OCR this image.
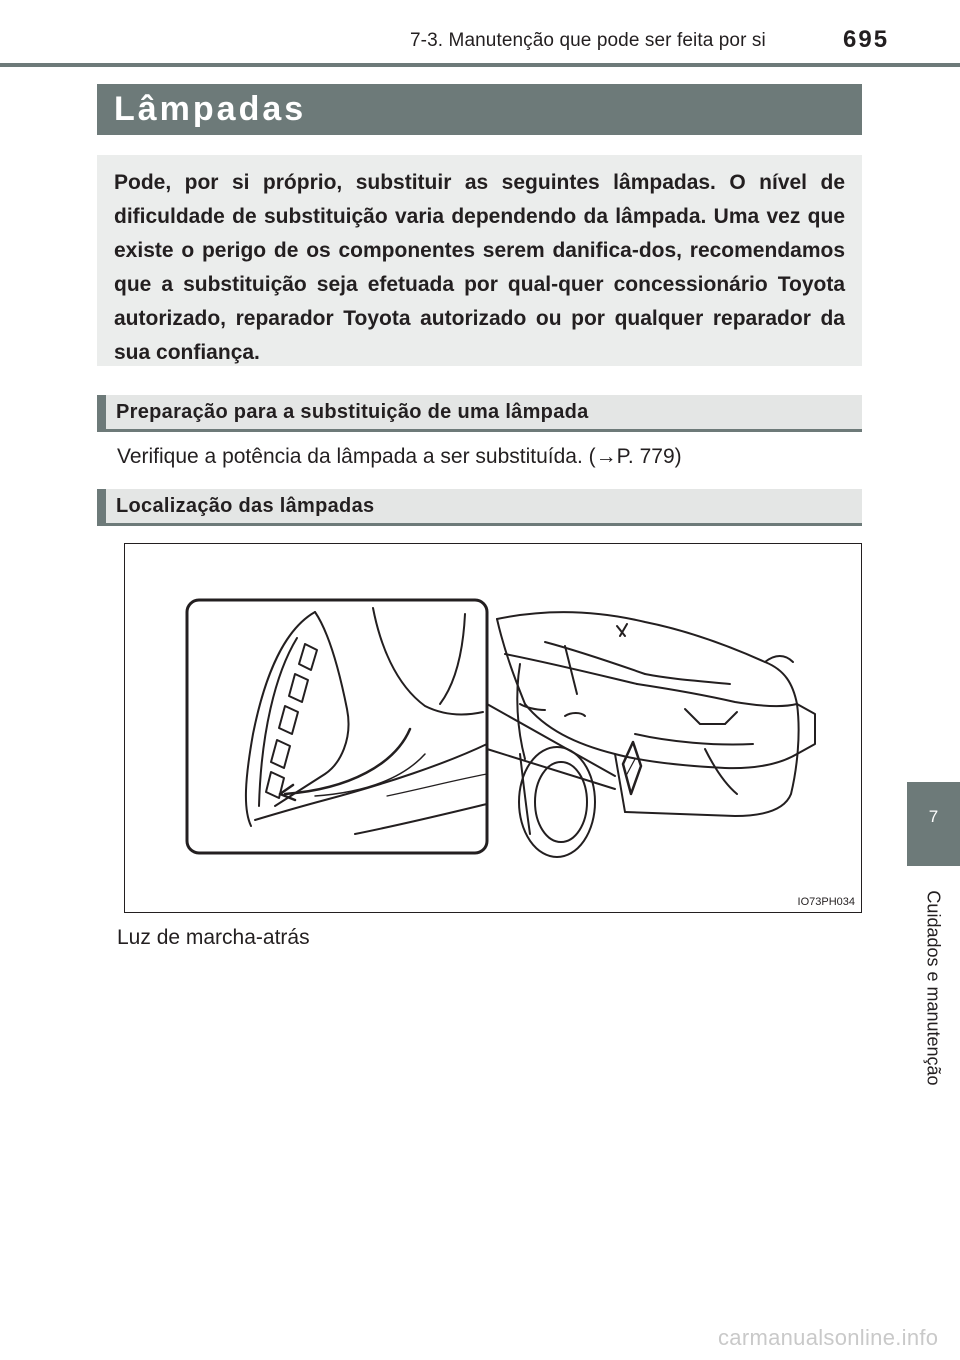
7-3. Manutenção que pode ser feita por si	695
Lâmpadas

Pode, por si próprio, substituir as seguintes lâmpadas. O nível de dificuldade de substituição varia dependendo da lâmpada. Uma vez que existe o perigo de os componentes serem danifica-dos, recomendamos que a substituição seja efetuada por qual-quer concessionário Toyota autorizado, reparador Toyota autorizado ou por qualquer reparador da sua confiança.

Preparação para a substituição de uma lâmpada
Verifique a potência da lâmpada a ser substituída. (→P. 779)
Localização das lâmpadas
IO73PH034
Luz de marcha-atrás
7
Cuidados e manutenção
carmanualsonline.info
